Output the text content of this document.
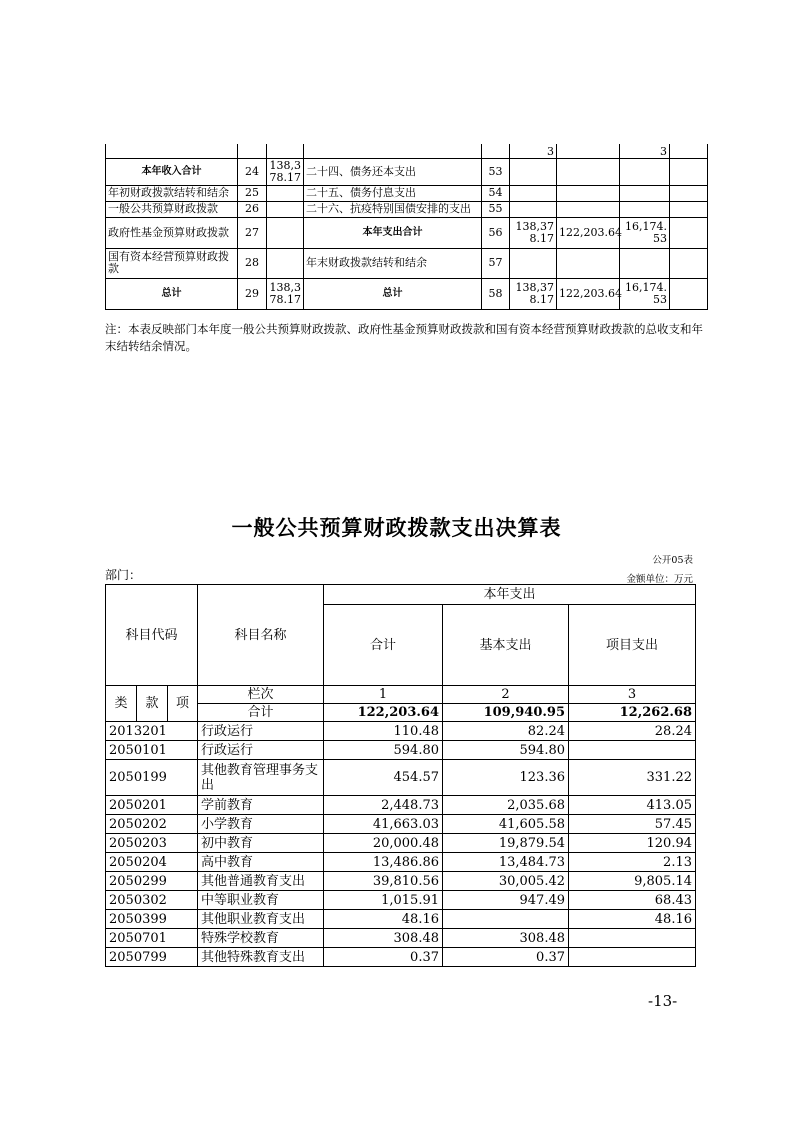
					3		3	
本年收入合计	24	138,378.17	二十四、债务还本支出	53				
年初财政拨款结转和结余	25		二十五、债务付息支出	54				
一般公共预算财政拨款	26		二十六、抗疫特别国债安排的支出	55				
政府性基金预算财政拨款	27		本年支出合计	56	138,378.17	122,203.64	16,174.53	
国有资本经营预算财政拨款	28		年末财政拨款结转和结余	57				
总计	29	138,378.17	总计	58	138,378.17	122,203.64	16,174.53	
注：本表反映部门本年度一般公共预算财政拨款、政府性基金预算财政拨款和国有资本经营预算财政拨款的总收支和年末结转结余情况。
一般公共预算财政拨款支出决算表
公开05表
部门：	金额单位：万元
科目代码			科目名称	本年支出		
				合计	基本支出	项目支出
类	款	项	栏次	1	2	3
			合计	122,203.64	109,940.95	12,262.68
2013201			行政运行	110.48	82.24	28.24
2050101			行政运行	594.80	594.80	
2050199			其他教育管理事务支出	454.57	123.36	331.22
2050201			学前教育	2,448.73	2,035.68	413.05
2050202			小学教育	41,663.03	41,605.58	57.45
2050203			初中教育	20,000.48	19,879.54	120.94
2050204			高中教育	13,486.86	13,484.73	2.13
2050299			其他普通教育支出	39,810.56	30,005.42	9,805.14
2050302			中等职业教育	1,015.91	947.49	68.43
2050399			其他职业教育支出	48.16		48.16
2050701			特殊学校教育	308.48	308.48	
2050799			其他特殊教育支出	0.37	0.37	
-13-
